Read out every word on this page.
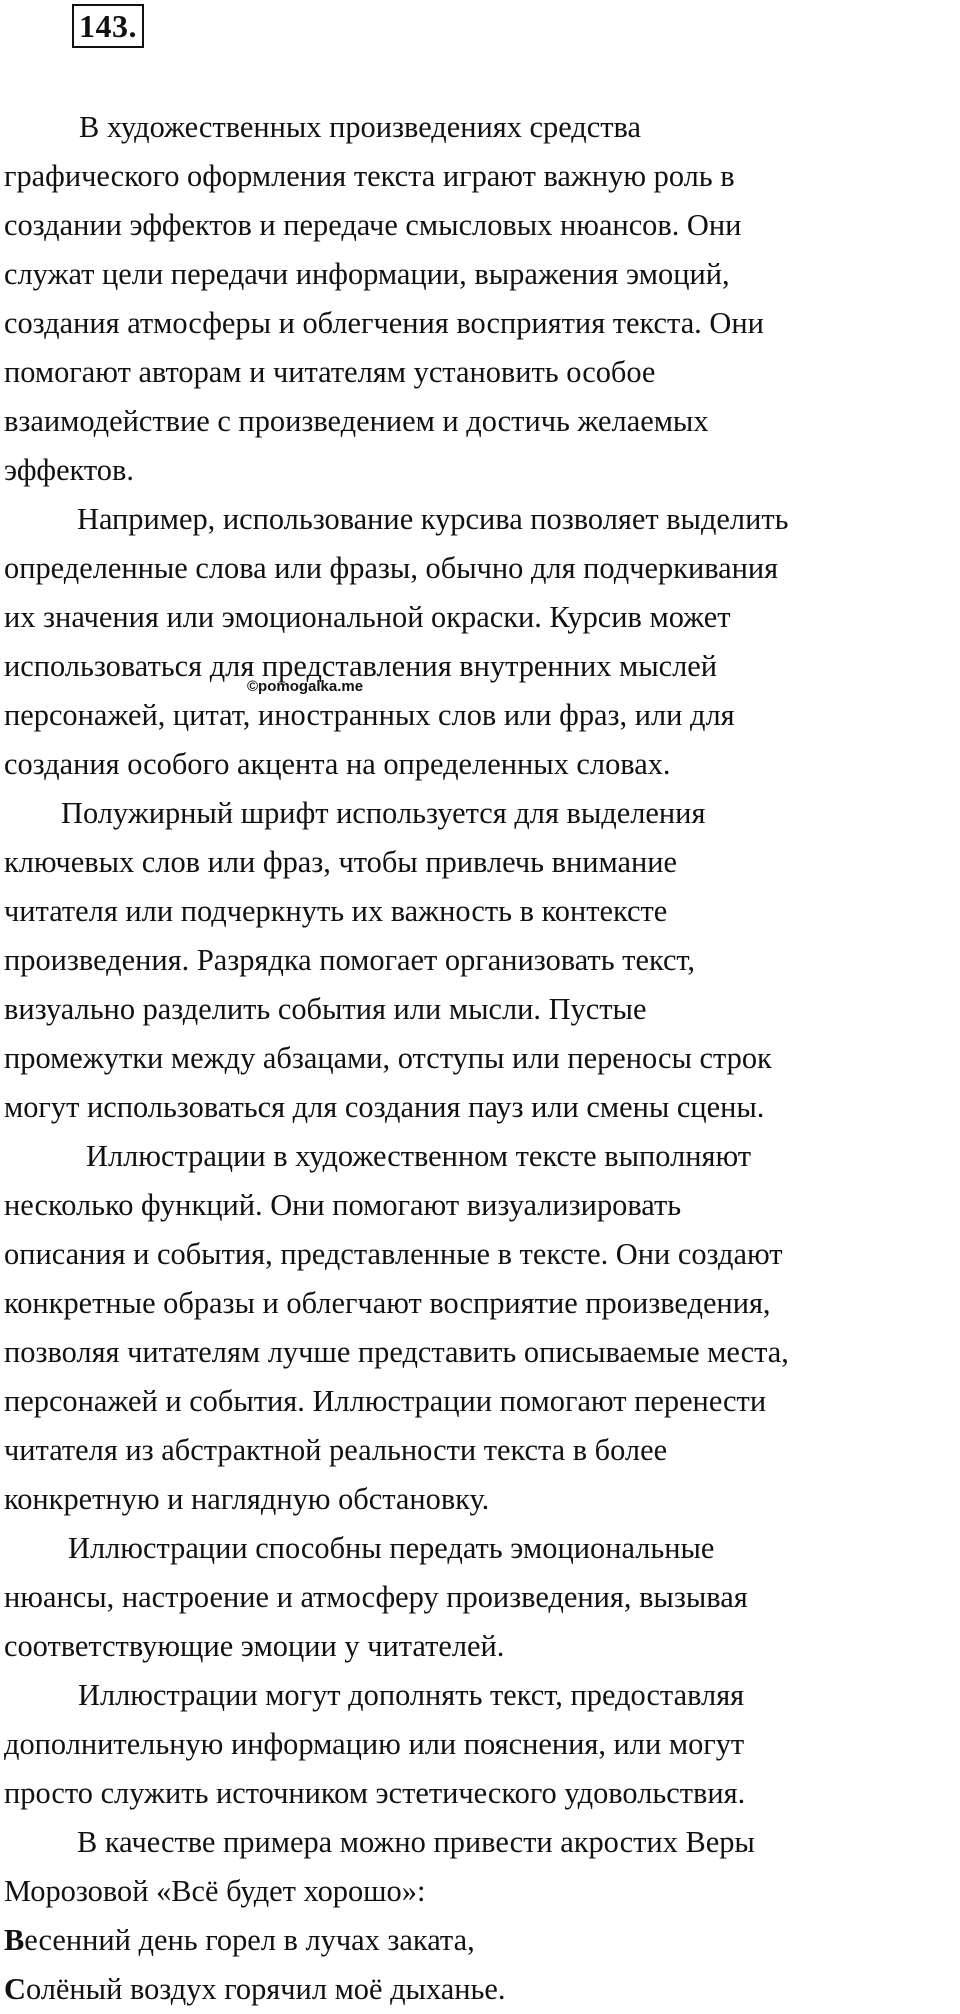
143.
В художественных произведениях средства
графического оформления текста играют важную роль в
создании эффектов и передаче смысловых нюансов. Они
служат цели передачи информации, выражения эмоций,
создания атмосферы и облегчения восприятия текста. Они
помогают авторам и читателям установить особое
взаимодействие с произведением и достичь желаемых
эффектов.
Например, использование курсива позволяет выделить
определенные слова или фразы, обычно для подчеркивания
их значения или эмоциональной окраски. Курсив может
использоваться для представления внутренних мыслей
персонажей, цитат, иностранных слов или фраз, или для
создания особого акцента на определенных словах.
Полужирный шрифт используется для выделения
ключевых слов или фраз, чтобы привлечь внимание
читателя или подчеркнуть их важность в контексте
произведения. Разрядка помогает организовать текст,
визуально разделить события или мысли. Пустые
промежутки между абзацами, отступы или переносы строк
могут использоваться для создания пауз или смены сцены.
Иллюстрации в художественном тексте выполняют
несколько функций. Они помогают визуализировать
описания и события, представленные в тексте. Они создают
конкретные образы и облегчают восприятие произведения,
позволяя читателям лучше представить описываемые места,
персонажей и события. Иллюстрации помогают перенести
читателя из абстрактной реальности текста в более
конкретную и наглядную обстановку.
Иллюстрации способны передать эмоциональные
нюансы, настроение и атмосферу произведения, вызывая
соответствующие эмоции у читателей.
Иллюстрации могут дополнять текст, предоставляя
дополнительную информацию или пояснения, или могут
просто служить источником эстетического удовольствия.
В качестве примера можно привести акростих Веры
Морозовой «Всё будет хорошо»:
Весенний день горел в лучах заката,
Солёный воздух горячил моё дыханье.
©pomogalka.me
